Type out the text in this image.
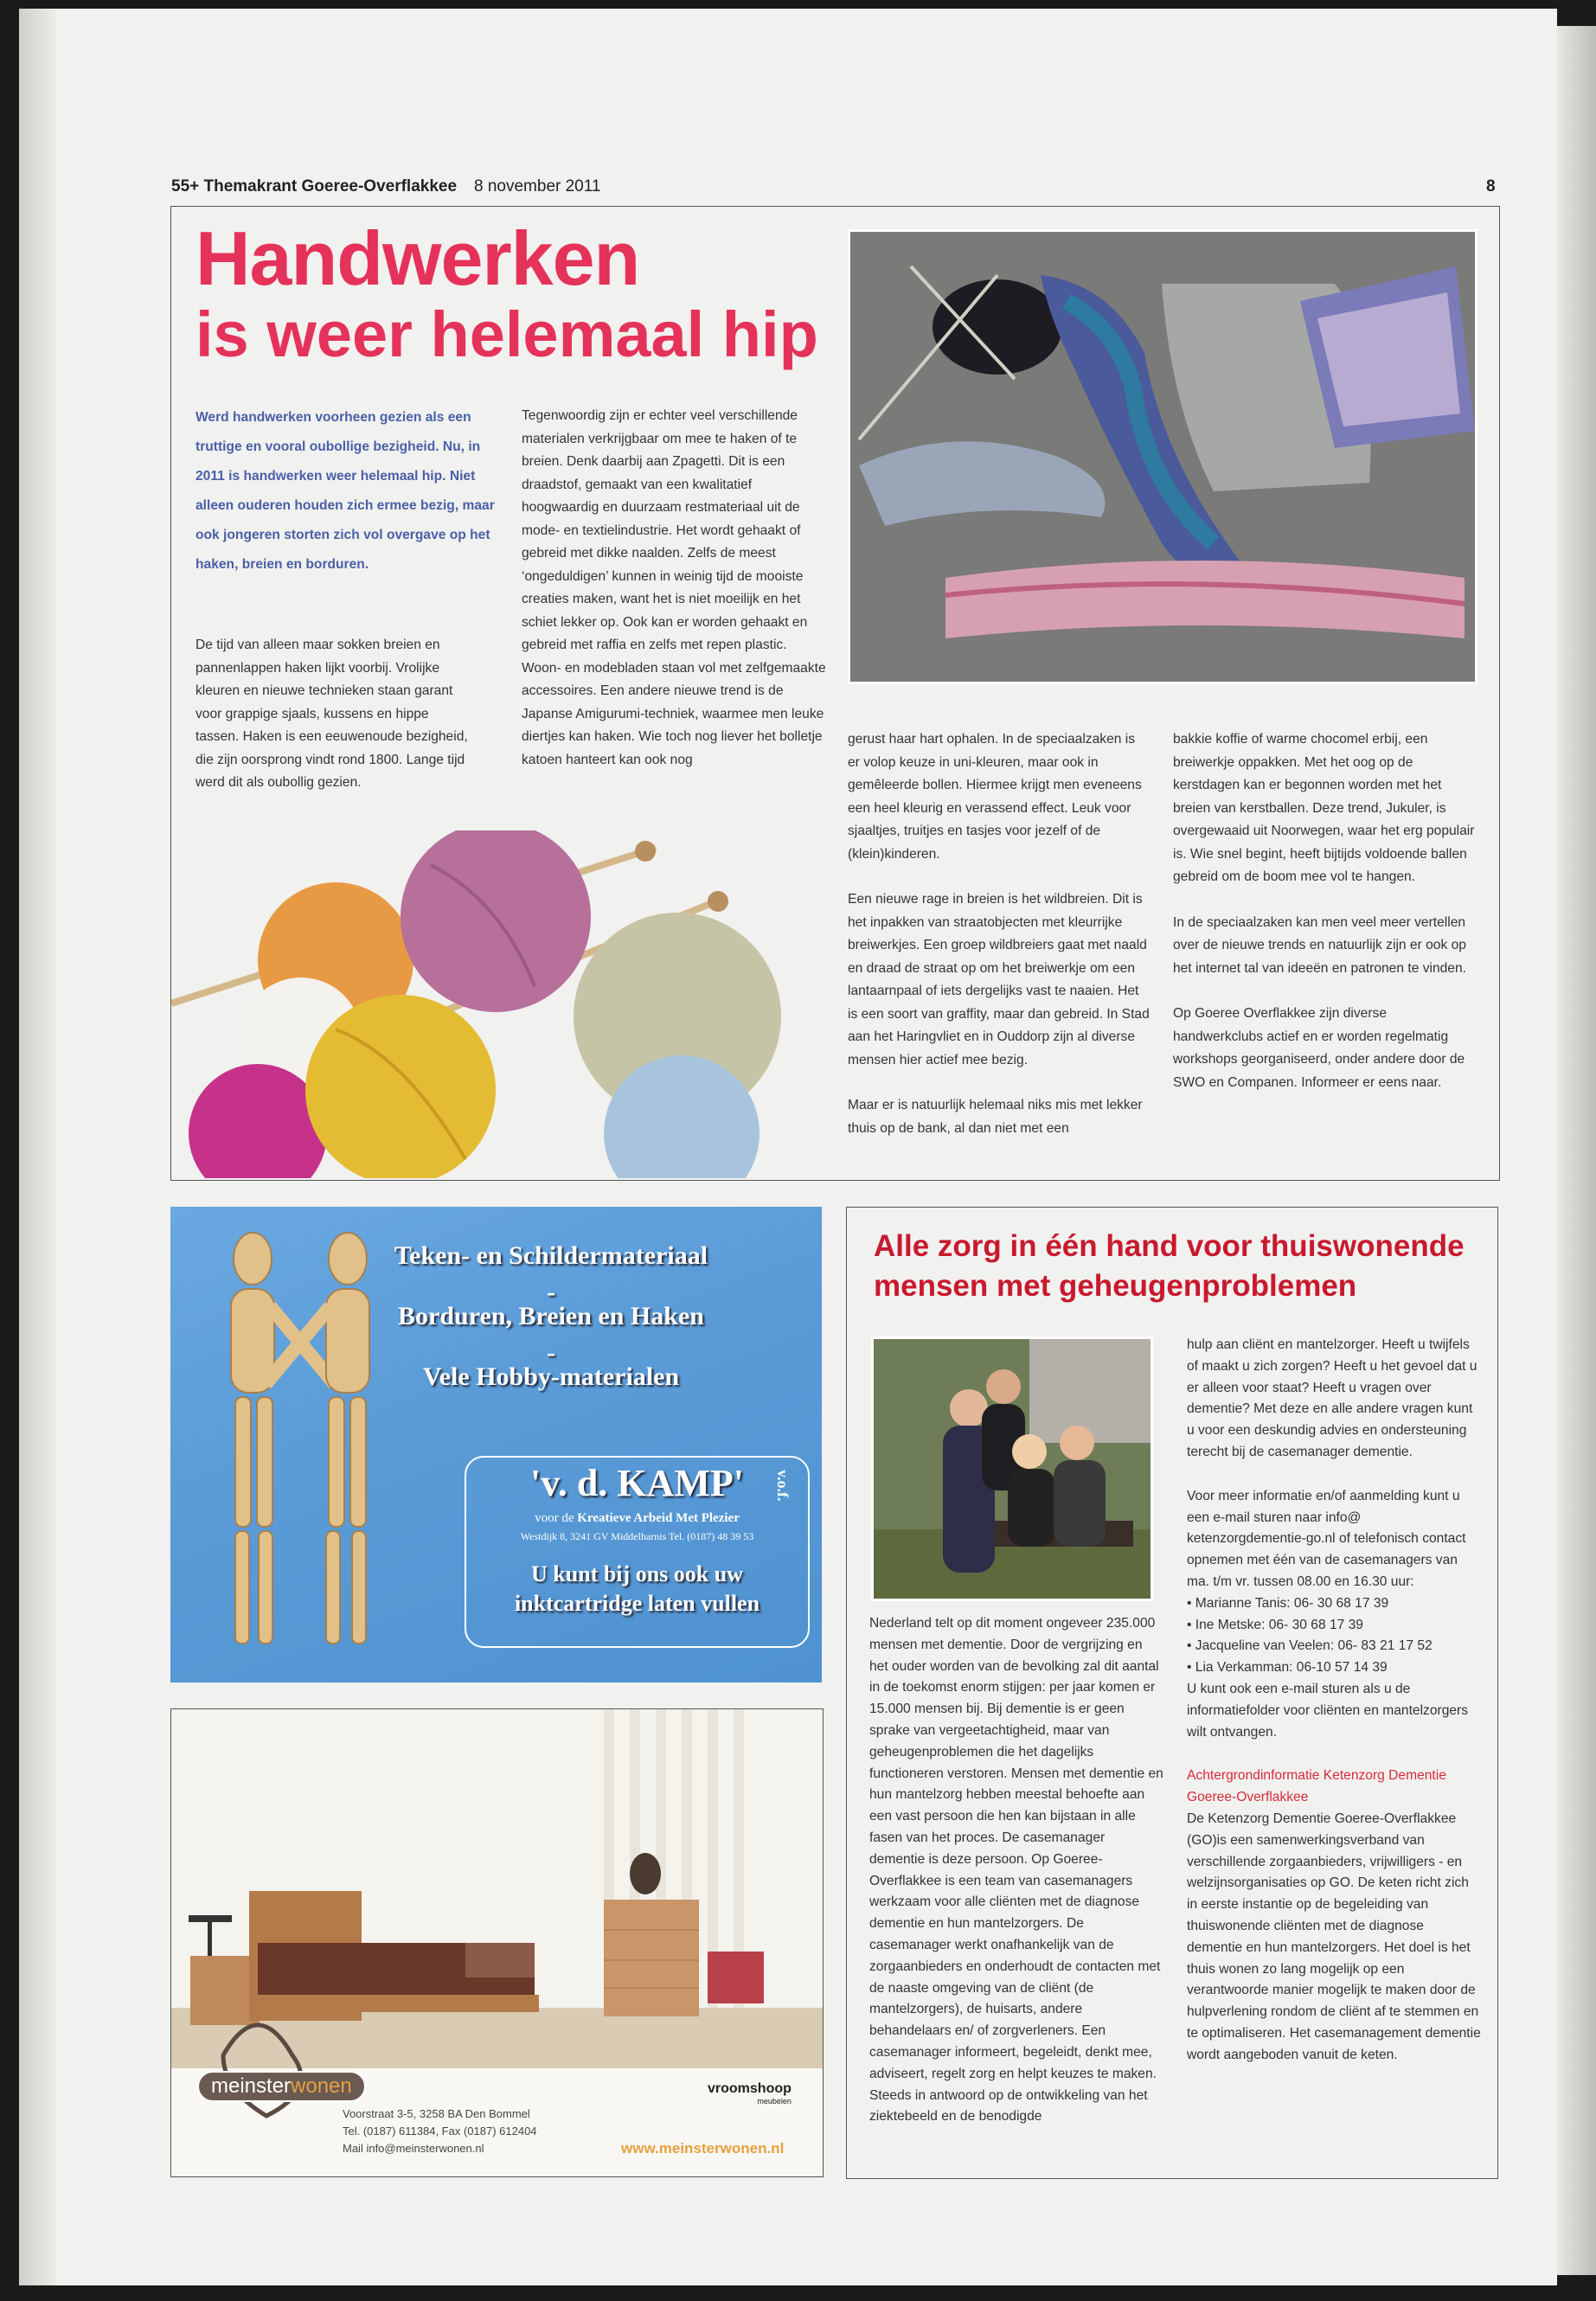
55+ Themakrant Goeree-Overflakkee 8 november 2011	8
Handwerken
is weer helemaal hip
Werd handwerken voorheen gezien als een truttige en vooral oubollige bezigheid. Nu, in 2011 is handwerken weer helemaal hip. Niet alleen ouderen houden zich ermee bezig, maar ook jongeren storten zich vol overgave op het haken, breien en borduren.

De tijd van alleen maar sokken breien en pannenlappen haken lijkt voorbij. Vrolijke kleuren en nieuwe technieken staan garant voor grappige sjaals, kussens en hippe tassen. Haken is een eeuwenoude bezigheid, die zijn oorsprong vindt rond 1800. Lange tijd werd dit als oubollig gezien.

Tegenwoordig zijn er echter veel verschillende materialen verkrijgbaar om mee te haken of te breien. Denk daarbij aan Zpagetti. Dit is een draadstof, gemaakt van een kwalitatief hoogwaardig en duurzaam restmateriaal uit de mode- en textielindustrie. Het wordt gehaakt of gebreid met dikke naalden. Zelfs de meest ‘ongeduldigen’ kunnen in weinig tijd de mooiste creaties maken, want het is niet moeilijk en het schiet lekker op. Ook kan er worden gehaakt en gebreid met raffia en zelfs met repen plastic. Woon- en modebladen staan vol met zelfgemaakte accessoires. Een andere nieuwe trend is de Japanse Amigurumi-techniek, waarmee men leuke diertjes kan haken. Wie toch nog liever het bolletje katoen hanteert kan ook nog

gerust haar hart ophalen. In de speciaalzaken is er volop keuze in uni-kleuren, maar ook in gemêleerde bollen. Hiermee krijgt men eveneens een heel kleurig en verassend effect. Leuk voor sjaaltjes, truitjes en tasjes voor jezelf of de (klein)kinderen.

Een nieuwe rage in breien is het wildbreien. Dit is het inpakken van straatobjecten met kleurrijke breiwerkjes. Een groep wildbreiers gaat met naald en draad de straat op om het breiwerkje om een lantaarnpaal of iets dergelijks vast te naaien. Het is een soort van graffity, maar dan gebreid. In Stad aan het Haringvliet en in Ouddorp zijn al diverse mensen hier actief mee bezig.

Maar er is natuurlijk helemaal niks mis met lekker thuis op de bank, al dan niet met een

bakkie koffie of warme chocomel erbij, een breiwerkje oppakken. Met het oog op de kerstdagen kan er begonnen worden met het breien van kerstballen. Deze trend, Jukuler, is overgewaaid uit Noorwegen, waar het erg populair is. Wie snel begint, heeft bijtijds voldoende ballen gebreid om de boom mee vol te hangen.

In de speciaalzaken kan men veel meer vertellen over de nieuwe trends en natuurlijk zijn er ook op het internet tal van ideeën en patronen te vinden.

Op Goeree Overflakkee zijn diverse handwerkclubs actief en er worden regelmatig workshops georganiseerd, onder andere door de SWO en Companen. Informeer er eens naar.

Teken- en Schildermateriaal
-
Borduren, Breien en Haken
-
Vele Hobby-materialen
'v. d. KAMP'	v.o.f.
voor de Kreatieve Arbeid Met Plezier
Westdijk 8, 3241 GV Middelharnis Tel. (0187) 48 39 53
U kunt bij ons ook uw inktcartridge laten vullen
meinsterwonen
Voorstraat 3-5, 3258 BA Den Bommel
Tel. (0187) 611384, Fax (0187) 612404
Mail info@meinsterwonen.nl
vroomshoop
meubelen
www.meinsterwonen.nl
Alle zorg in één hand voor thuiswonende mensen met geheugenproblemen

Nederland telt op dit moment ongeveer 235.000 mensen met dementie. Door de vergrijzing en het ouder worden van de bevolking zal dit aantal in de toekomst enorm stijgen: per jaar komen er 15.000 mensen bij. Bij dementie is er geen sprake van vergeetachtigheid, maar van geheugenproblemen die het dagelijks functioneren verstoren. Mensen met dementie en hun mantelzorg hebben meestal behoefte aan een vast persoon die hen kan bijstaan in alle fasen van het proces. De casemanager dementie is deze persoon. Op Goeree-Overflakkee is een team van casemanagers werkzaam voor alle cliënten met de diagnose dementie en hun mantelzorgers. De casemanager werkt onafhankelijk van de zorgaanbieders en onderhoudt de contacten met de naaste omgeving van de cliënt (de mantelzorgers), de huisarts, andere behandelaars en/ of zorgverleners. Een casemanager informeert, begeleidt, denkt mee, adviseert, regelt zorg en helpt keuzes te maken. Steeds in antwoord op de ontwikkeling van het ziektebeeld en de benodigde

hulp aan cliënt en mantelzorger. Heeft u twijfels of maakt u zich zorgen? Heeft u het gevoel dat u er alleen voor staat? Heeft u vragen over dementie? Met deze en alle andere vragen kunt u voor een deskundig advies en ondersteuning terecht bij de casemanager dementie.

Voor meer informatie en/of aanmelding kunt u een e-mail sturen naar info@ ketenzorgdementie-go.nl of telefonisch contact opnemen met één van de casemanagers van ma. t/m vr. tussen 08.00 en 16.30 uur:

• Marianne Tanis: 06- 30 68 17 39
• Ine Metske: 06- 30 68 17 39
• Jacqueline van Veelen: 06- 83 21 17 52
• Lia Verkamman: 06-10 57 14 39

U kunt ook een e-mail sturen als u de informatiefolder voor cliënten en mantelzorgers wilt ontvangen.

Achtergrondinformatie Ketenzorg Dementie Goeree-Overflakkee

De Ketenzorg Dementie Goeree-Overflakkee (GO)is een samenwerkingsverband van verschillende zorgaanbieders, vrijwilligers - en welzijnsorganisaties op GO. De keten richt zich in eerste instantie op de begeleiding van thuiswonende cliënten met de diagnose dementie en hun mantelzorgers. Het doel is het thuis wonen zo lang mogelijk op een verantwoorde manier mogelijk te maken door de hulpverlening rondom de cliënt af te stemmen en te optimaliseren. Het casemanagement dementie wordt aangeboden vanuit de keten.
